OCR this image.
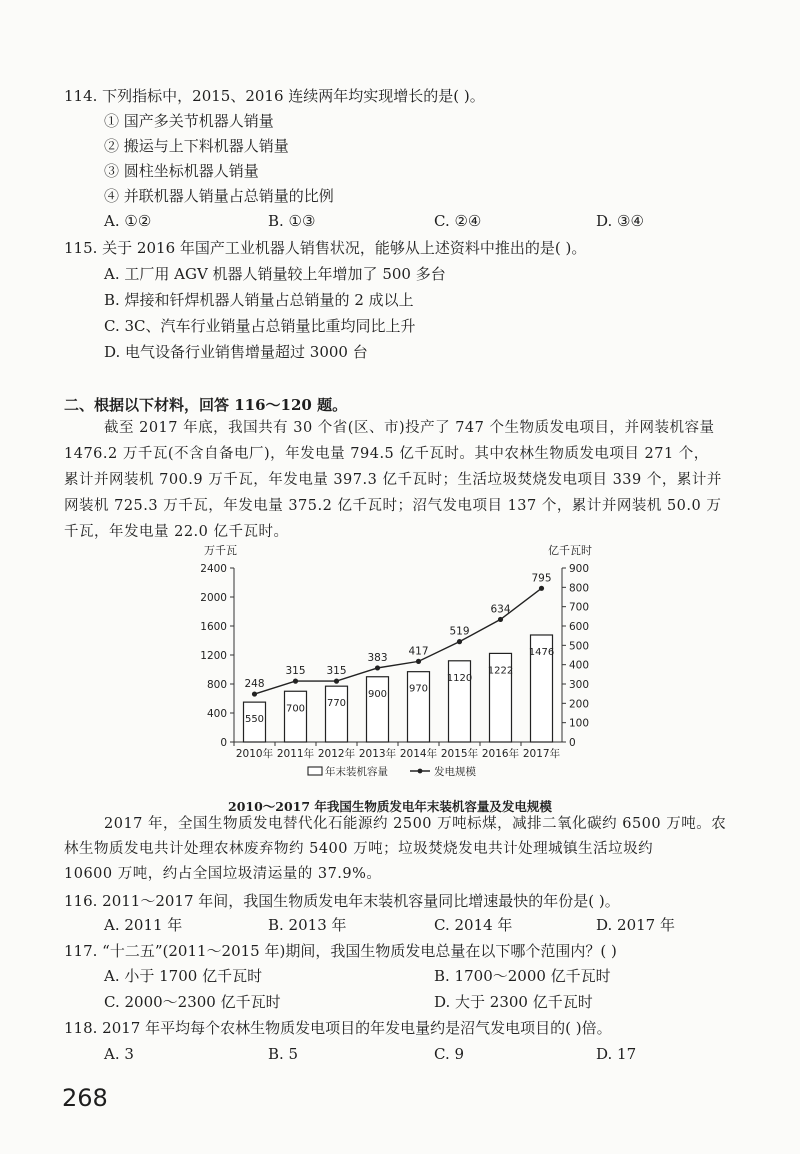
114. 下列指标中，2015、2016 连续两年均实现增长的是( )。
① 国产多关节机器人销量
② 搬运与上下料机器人销量
③ 圆柱坐标机器人销量
④ 并联机器人销量占总销量的比例
A. ①②	B. ①③	C. ②④	D. ③④
115. 关于 2016 年国产工业机器人销售状况，能够从上述资料中推出的是( )。
A. 工厂用 AGV 机器人销量较上年增加了 500 多台
B. 焊接和钎焊机器人销量占总销量的 2 成以上
C. 3C、汽车行业销量占总销量比重均同比上升
D. 电气设备行业销售增量超过 3000 台
二、根据以下材料，回答 116～120 题。
截至 2017 年底，我国共有 30 个省(区、市)投产了 747 个生物质发电项目，并网装机容量
1476.2 万千瓦(不含自备电厂)，年发电量 794.5 亿千瓦时。其中农林生物质发电项目 271 个，
累计并网装机 700.9 万千瓦，年发电量 397.3 亿千瓦时；生活垃圾焚烧发电项目 339 个，累计并
网装机 725.3 万千瓦，年发电量 375.2 亿千瓦时；沼气发电项目 137 个，累计并网装机 50.0 万
千瓦，年发电量 22.0 亿千瓦时。
万千瓦	亿千瓦时
0
400
800
1200
1600
2000
2400
0
100
200
300
400
500
600
700
800
900
550
700 770
900 970
1120
1222
1476
2010年 2011年 2012年 2013年 2014年 2015年 2016年 2017年
248
315 315
383
417
519
634
795
年末装机容量	发电规模
2010～2017 年我国生物质发电年末装机容量及发电规模
2017 年，全国生物质发电替代化石能源约 2500 万吨标煤，减排二氧化碳约 6500 万吨。农
林生物质发电共计处理农林废弃物约 5400 万吨；垃圾焚烧发电共计处理城镇生活垃圾约
10600 万吨，约占全国垃圾清运量的 37.9%。
116. 2011～2017 年间，我国生物质发电年末装机容量同比增速最快的年份是( )。
A. 2011 年	B. 2013 年	C. 2014 年	D. 2017 年
117. “十二五”(2011～2015 年)期间，我国生物质发电总量在以下哪个范围内？( )
A. 小于 1700 亿千瓦时	B. 1700～2000 亿千瓦时
C. 2000～2300 亿千瓦时	D. 大于 2300 亿千瓦时
118. 2017 年平均每个农林生物质发电项目的年发电量约是沼气发电项目的( )倍。
A. 3	B. 5	C. 9	D. 17
268
